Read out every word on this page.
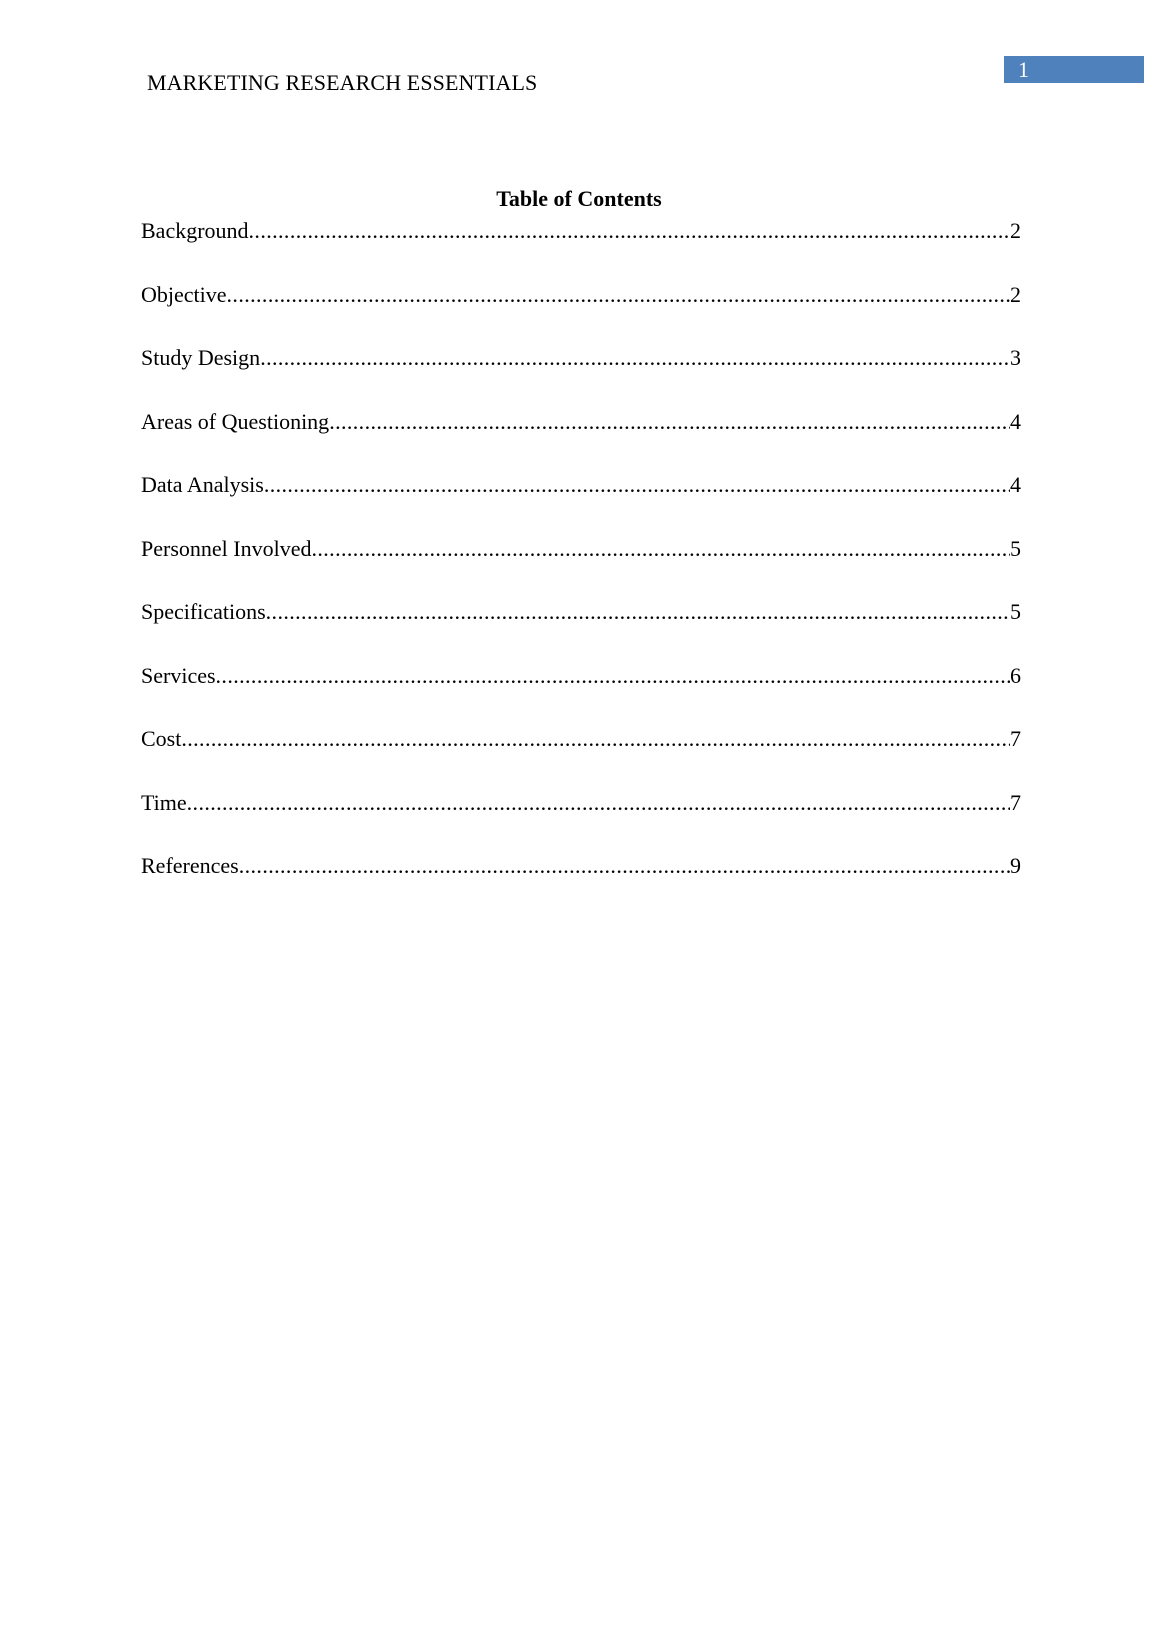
1
MARKETING RESEARCH ESSENTIALS
Table of Contents
Background .....	2
Objective .....	2
Study Design .....	3
Areas of Questioning .....	4
Data Analysis .....	4
Personnel Involved .....	5
Specifications .....	5
Services .....	6
Cost .....	7
Time .....	7
References .....	9
